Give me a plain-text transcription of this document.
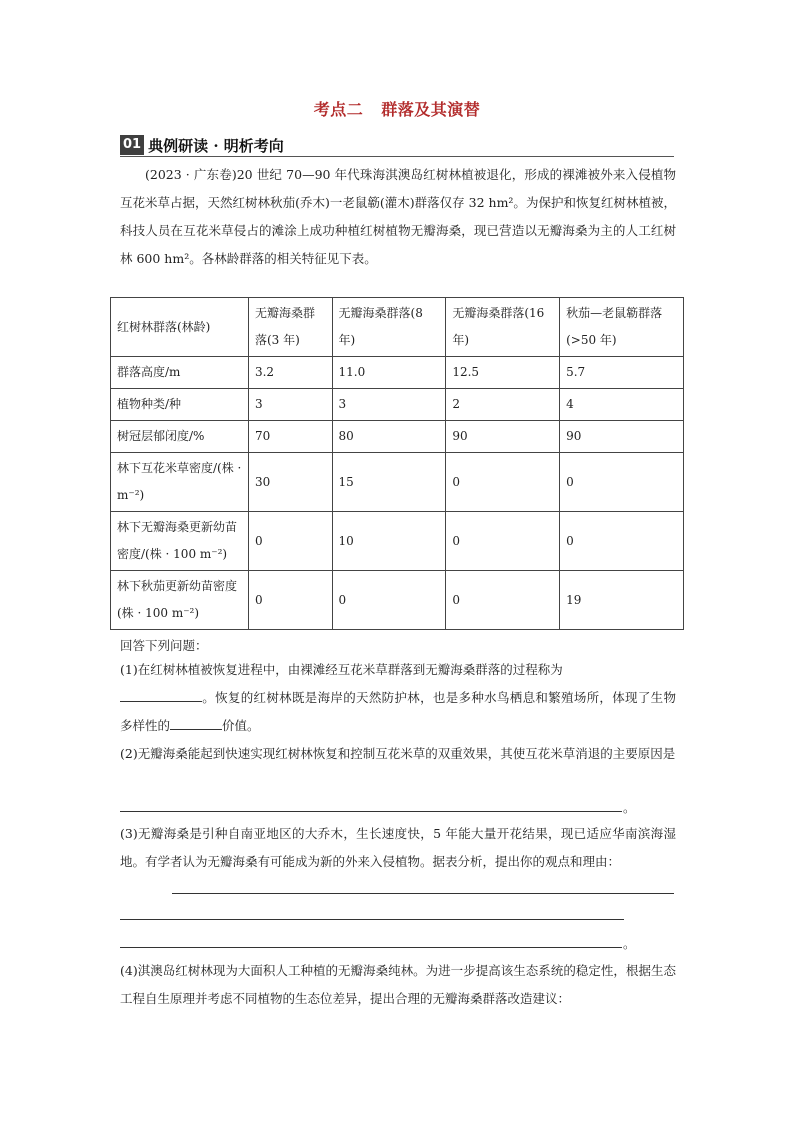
考点二 群落及其演替
01 典例研读 · 明析考向
(2023 · 广东卷)20 世纪 70—90 年代珠海淇澳岛红树林植被退化，形成的裸滩被外来入侵植物互花米草占据，天然红树林秋茄(乔木)一老鼠簕(灌木)群落仅存 32 hm²。为保护和恢复红树林植被，科技人员在互花米草侵占的滩涂上成功种植红树植物无瓣海桑，现已营造以无瓣海桑为主的人工红树林 600 hm²。各林龄群落的相关特征见下表。
红树林群落(林龄)	无瓣海桑群落(3 年)	无瓣海桑群落(8 年)	无瓣海桑群落(16 年)	秋茄—老鼠簕群落(>50 年)
群落高度/m	3.2	11.0	12.5	5.7
植物种类/种	3	3	2	4
树冠层郁闭度/%	70	80	90	90
林下互花米草密度/(株 · m⁻²)	30	15	0	0
林下无瓣海桑更新幼苗密度/(株 · 100 m⁻²)	0	10	0	0
林下秋茄更新幼苗密度(株 · 100 m⁻²)	0	0	0	19
回答下列问题：
(1)在红树林植被恢复进程中，由裸滩经互花米草群落到无瓣海桑群落的过程称为
。恢复的红树林既是海岸的天然防护林，也是多种水鸟栖息和繁殖场所，体现了生物多样性的	价值。
(2)无瓣海桑能起到快速实现红树林恢复和控制互花米草的双重效果，其使互花米草消退的主要原因是
。
(3)无瓣海桑是引种自南亚地区的大乔木，生长速度快，5 年能大量开花结果，现已适应华南滨海湿地。有学者认为无瓣海桑有可能成为新的外来入侵植物。据表分析，提出你的观点和理由：
。
(4)淇澳岛红树林现为大面积人工种植的无瓣海桑纯林。为进一步提高该生态系统的稳定性，根据生态工程自生原理并考虑不同植物的生态位差异，提出合理的无瓣海桑群落改造建议：
